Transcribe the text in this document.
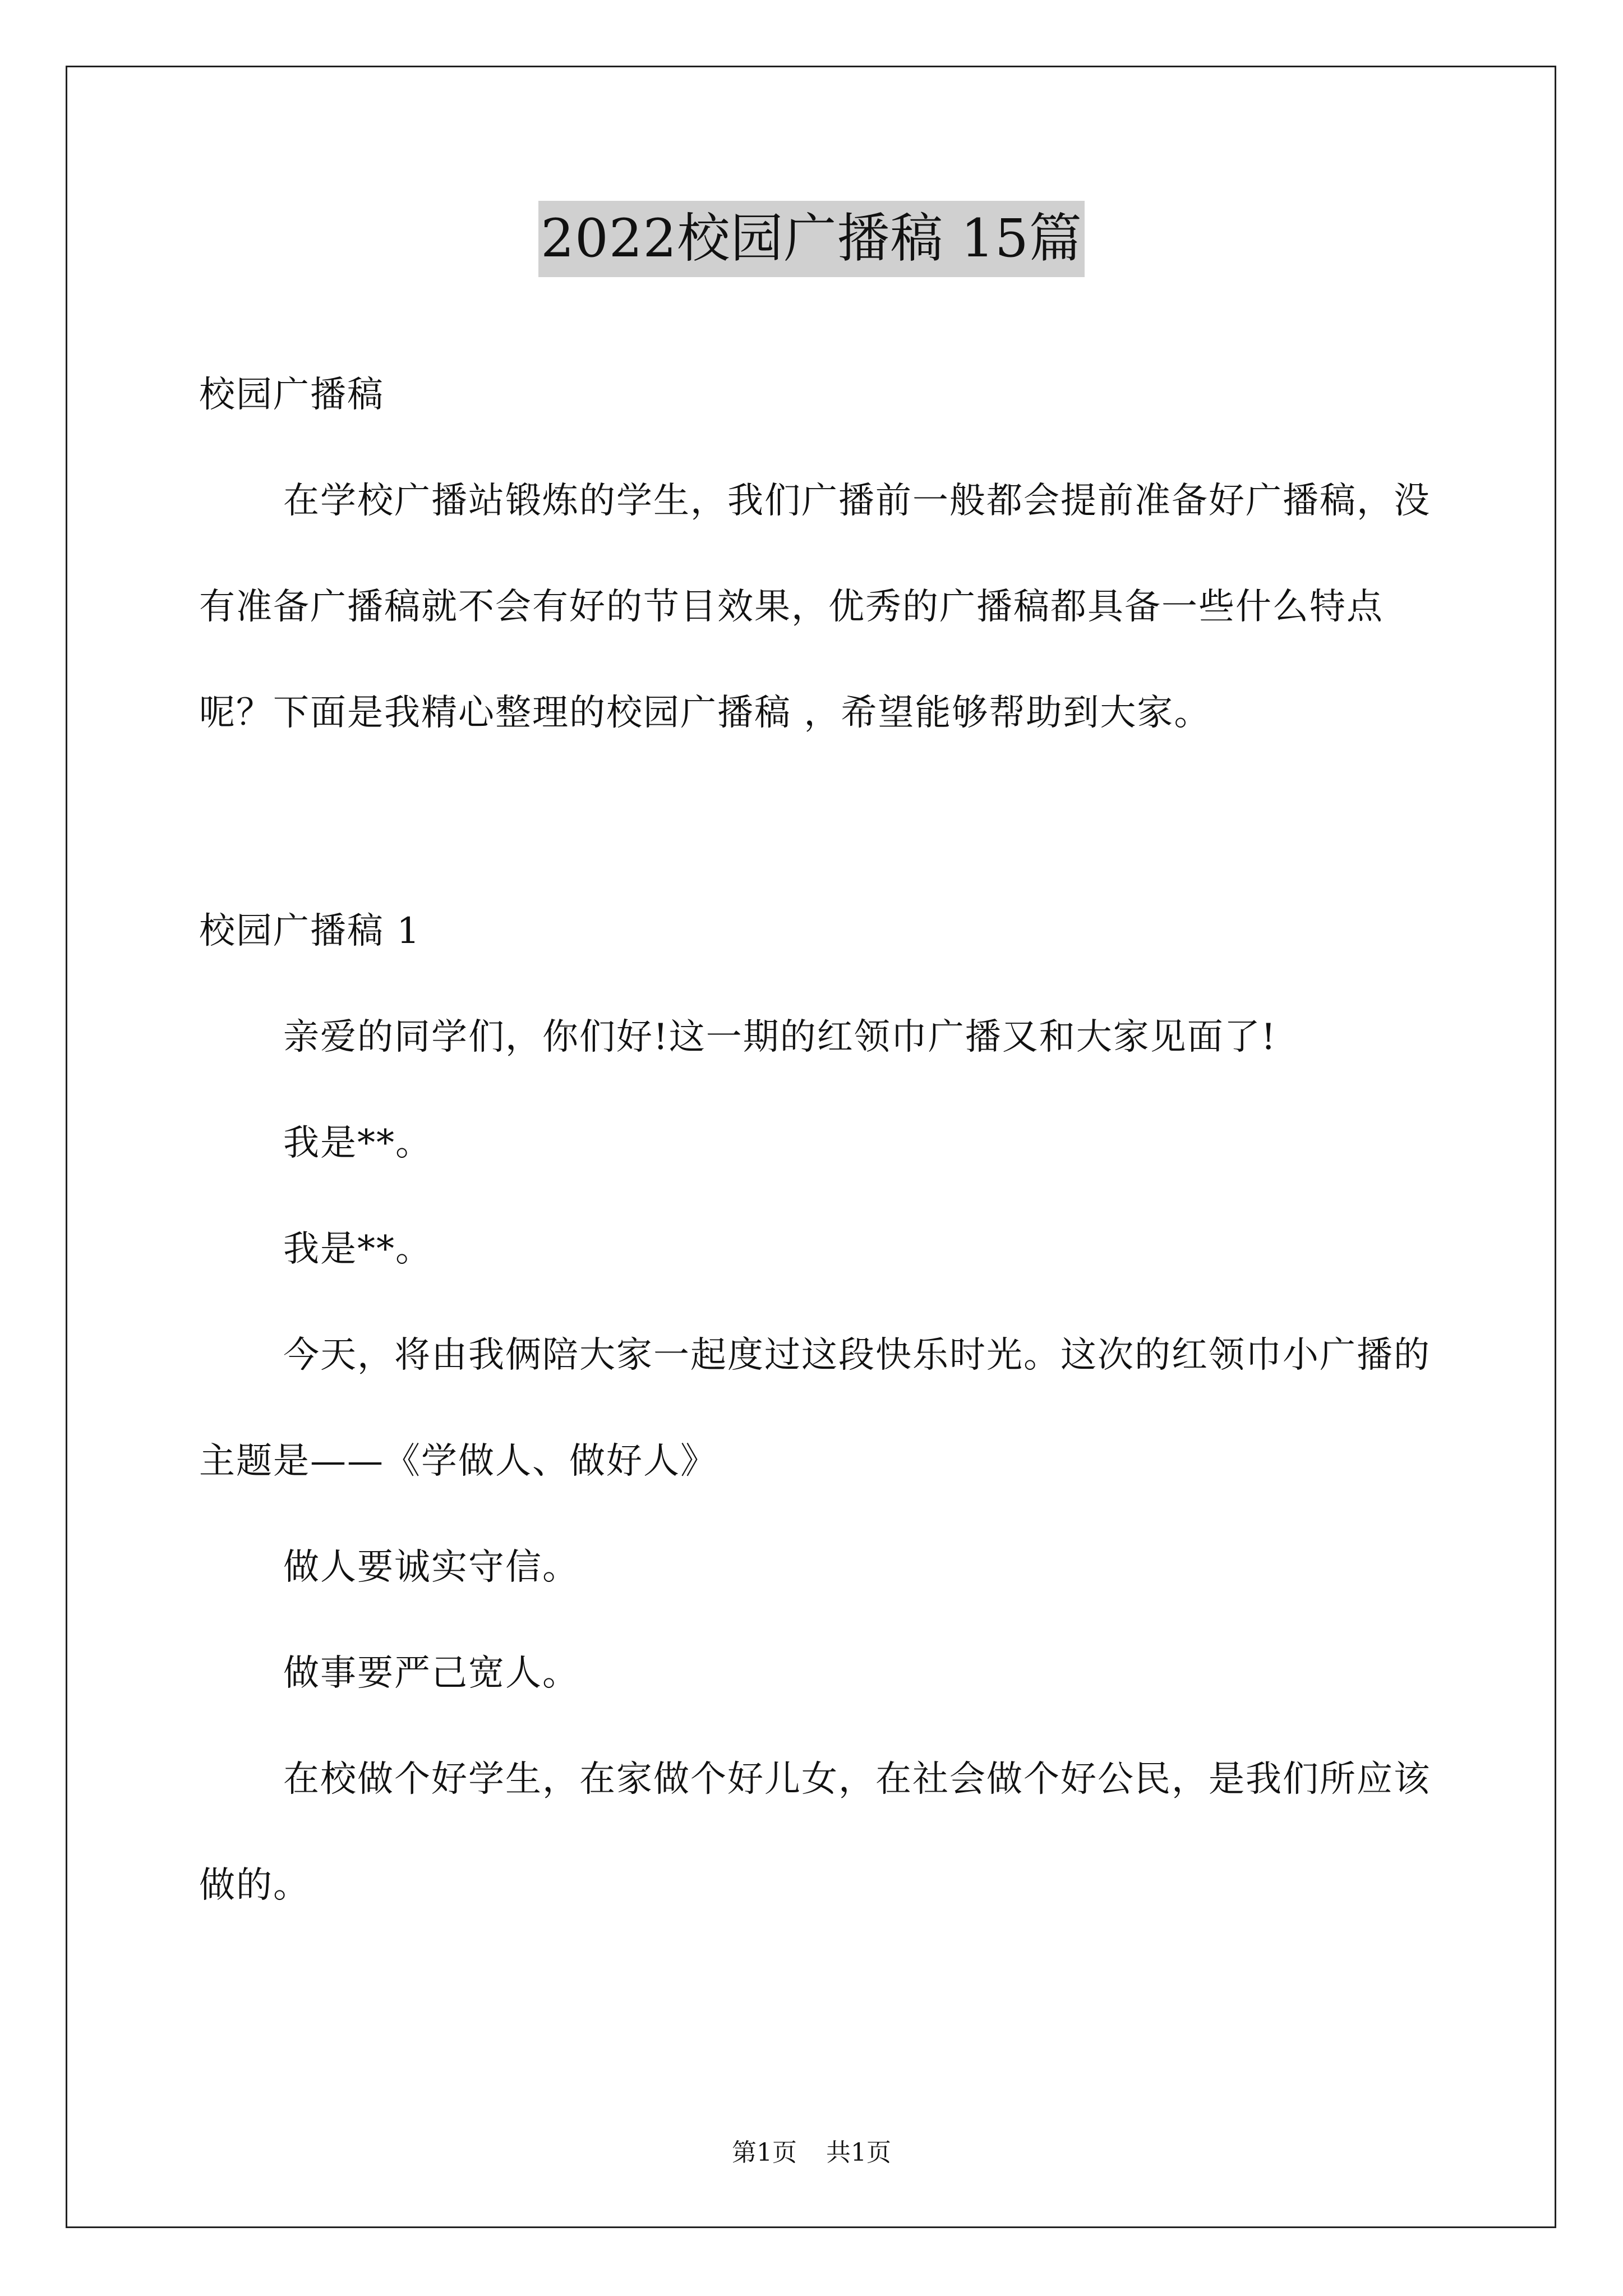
2022校园广播稿 15篇

校园广播稿

在学校广播站锻炼的学生，我们广播前一般都会提前准备好广播稿，没有准备广播稿就不会有好的节目效果，优秀的广播稿都具备一些什么特点呢？下面是我精心整理的校园广播稿 ，希望能够帮助到大家。

校园广播稿 1

亲爱的同学们，你们好!这一期的红领巾广播又和大家见面了!

我是**。

我是**。

今天，将由我俩陪大家一起度过这段快乐时光。这次的红领巾小广播的主题是——《学做人、做好人》

做人要诚实守信。

做事要严己宽人。

在校做个好学生，在家做个好儿女，在社会做个好公民，是我们所应该做的。

第1页 共1页
